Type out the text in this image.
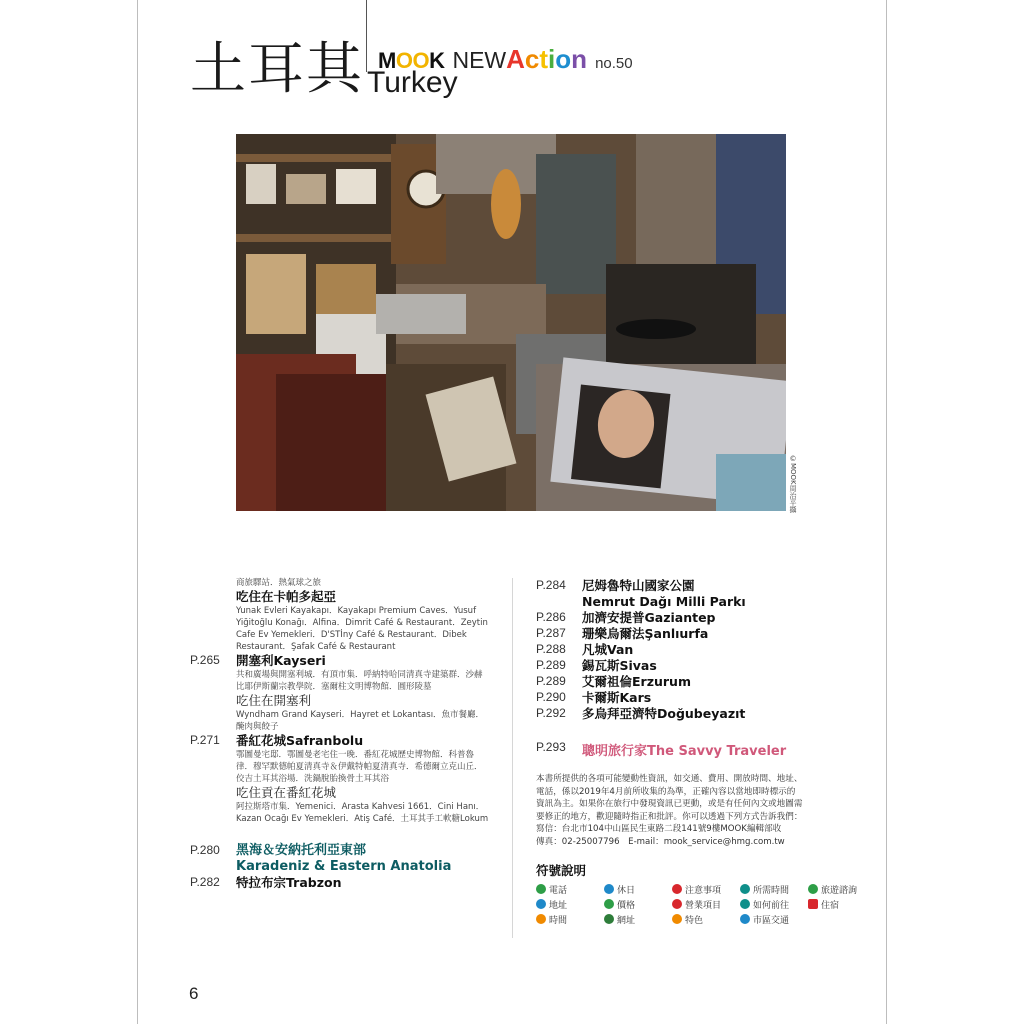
土耳其 Turkey
MOOK NEW Action no.50
©MOOK周治平攝
商旅驛站．熱氣球之旅
吃住在卡帕多起亞
Yunak Evleri Kayakapı．Kayakapı Premium Caves．Yusuf Yiğitoğlu Konağı．Alfina．Dimrit Café & Restaurant．Zeytin Cafe Ev Yemekleri．D'STİny Café & Restaurant．Dibek Restaurant．Şafak Café & Restaurant
P.265 開塞利Kayseri
共和廣場與開塞利城．有頂市集．呼納特哈同清真寺建築群．沙赫比耶伊斯蘭宗教學院．塞爾柱文明博物館．圓形陵墓
吃住在開塞利
Wyndham Grand Kayseri．Hayret et Lokantası．魚市餐廳．醃肉與餃子
P.271 番紅花城Safranbolu
鄂圖曼宅邸．鄂圖曼老宅住一晚．番紅花城歷史博物館．科普魯律．穆罕默德帕夏清真寺＆伊戴特帕夏清真寺．希德爾立克山丘．佼吉土耳其浴場．洗鍋脫胎換骨土耳其浴
吃住貢在番紅花城
阿拉斯塔市集．Yemenici．Arasta Kahvesi 1661．Cini Hanı．Kazan Ocağı Ev Yemekleri．Atiş Café．土耳其手工軟糖Lokum
P.280 黑海＆安納托利亞東部
Karadeniz & Eastern Anatolia
P.282 特拉布宗Trabzon
P.284 尼姆魯特山國家公園
Nemrut Dağı Milli Parkı
P.286 加濟安提普Gaziantep
P.287 珊樂烏爾法Şanlıurfa
P.288 凡城Van
P.289 錫瓦斯Sivas
P.289 艾爾祖倫Erzurum
P.290 卡爾斯Kars
P.292 多烏拜亞濟特Doğubeyazıt
P.293 聰明旅行家The Savvy Traveler
本書所提供的各項可能變動性資訊，如交通、費用、開放時間、地址、
電話，係以2019年4月前所收集的為準，正確內容以當地即時標示的
資訊為主。如果你在旅行中發現資訊已更動，或是有任何內文或地圖需
要修正的地方，歡迎隨時指正和批評。你可以透過下列方式告訴我們：
寫信：台北市104中山區民生東路二段141號9樓MOOK編輯部收
傳真：02-25007796　E-mail：mook_service@hmg.com.tw
符號說明
電話	休日	注意事項	所需時間	旅遊諮詢
地址	價格	營業項目	如何前往	住宿
時間	網址	特色	市區交通
6
